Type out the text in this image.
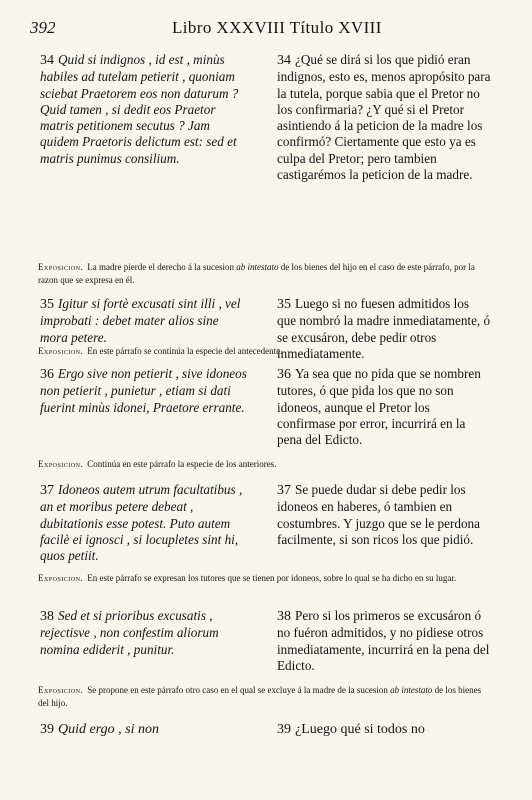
392	Libro XXXVIII Título XVIII
34 Quid si indignos , id est , minùs habiles ad tutelam petierit , quoniam sciebat Praetorem eos non daturum ? Quid tamen , si dedit eos Praetor matris petitionem secutus ? Jam quidem Praetoris delictum est: sed et matris punimus consilium.
34 ¿Qué se dirá si los que pidió eran indignos, esto es, menos apropósito para la tutela, porque sabia que el Pretor no los confirmaria? ¿Y qué si el Pretor asintiendo á la peticion de la madre los confirmó? Ciertamente que esto ya es culpa del Pretor; pero tambien castigarémos la peticion de la madre.
Exposicion. La madre pierde el derecho á la sucesion ab intestato de los bienes del hijo en el caso de este párrafo, por la razon que se expresa en él.
35 Igitur si fortè excusati sint illi , vel improbati : debet mater alios sine mora petere.
35 Luego si no fuesen admitidos los que nombró la madre inmediatamente, ó se excusáron, debe pedir otros inmediatamente.
Exposicion. En este párrafo se continúa la especie del antecedente.
36 Ergo sive non petierit , sive idoneos non petierit , punietur , etiam si dati fuerint minùs idonei, Praetore errante.
36 Ya sea que no pida que se nombren tutores, ó que pida los que no son idoneos, aunque el Pretor los confirmase por error, incurrirá en la pena del Edicto.
Exposicion. Continúa en este párrafo la especie de los anteriores.
37 Idoneos autem utrum facultatibus , an et moribus petere debeat , dubitationis esse potest. Puto autem facilè ei ignosci , si locupletes sint hi, quos petiit.
37 Se puede dudar si debe pedir los idoneos en haberes, ó tambien en costumbres. Y juzgo que se le perdona facilmente, si son ricos los que pidió.
Exposicion. En este párrafo se expresan los tutores que se tienen por idoneos, sobre lo qual se ha dicho en su lugar.
38 Sed et si prioribus excusatis , rejectisve , non confestim aliorum nomina ediderit , punitur.
38 Pero si los primeros se excusáron ó no fuéron admitidos, y no pidiese otros inmediatamente, incurrirá en la pena del Edicto.
Exposicion. Se propone en este párrafo otro caso en el qual se excluye á la madre de la sucesion ab intestato de los bienes del hijo.
39 Quid ergo , si non	39 ¿Luego qué si todos no
